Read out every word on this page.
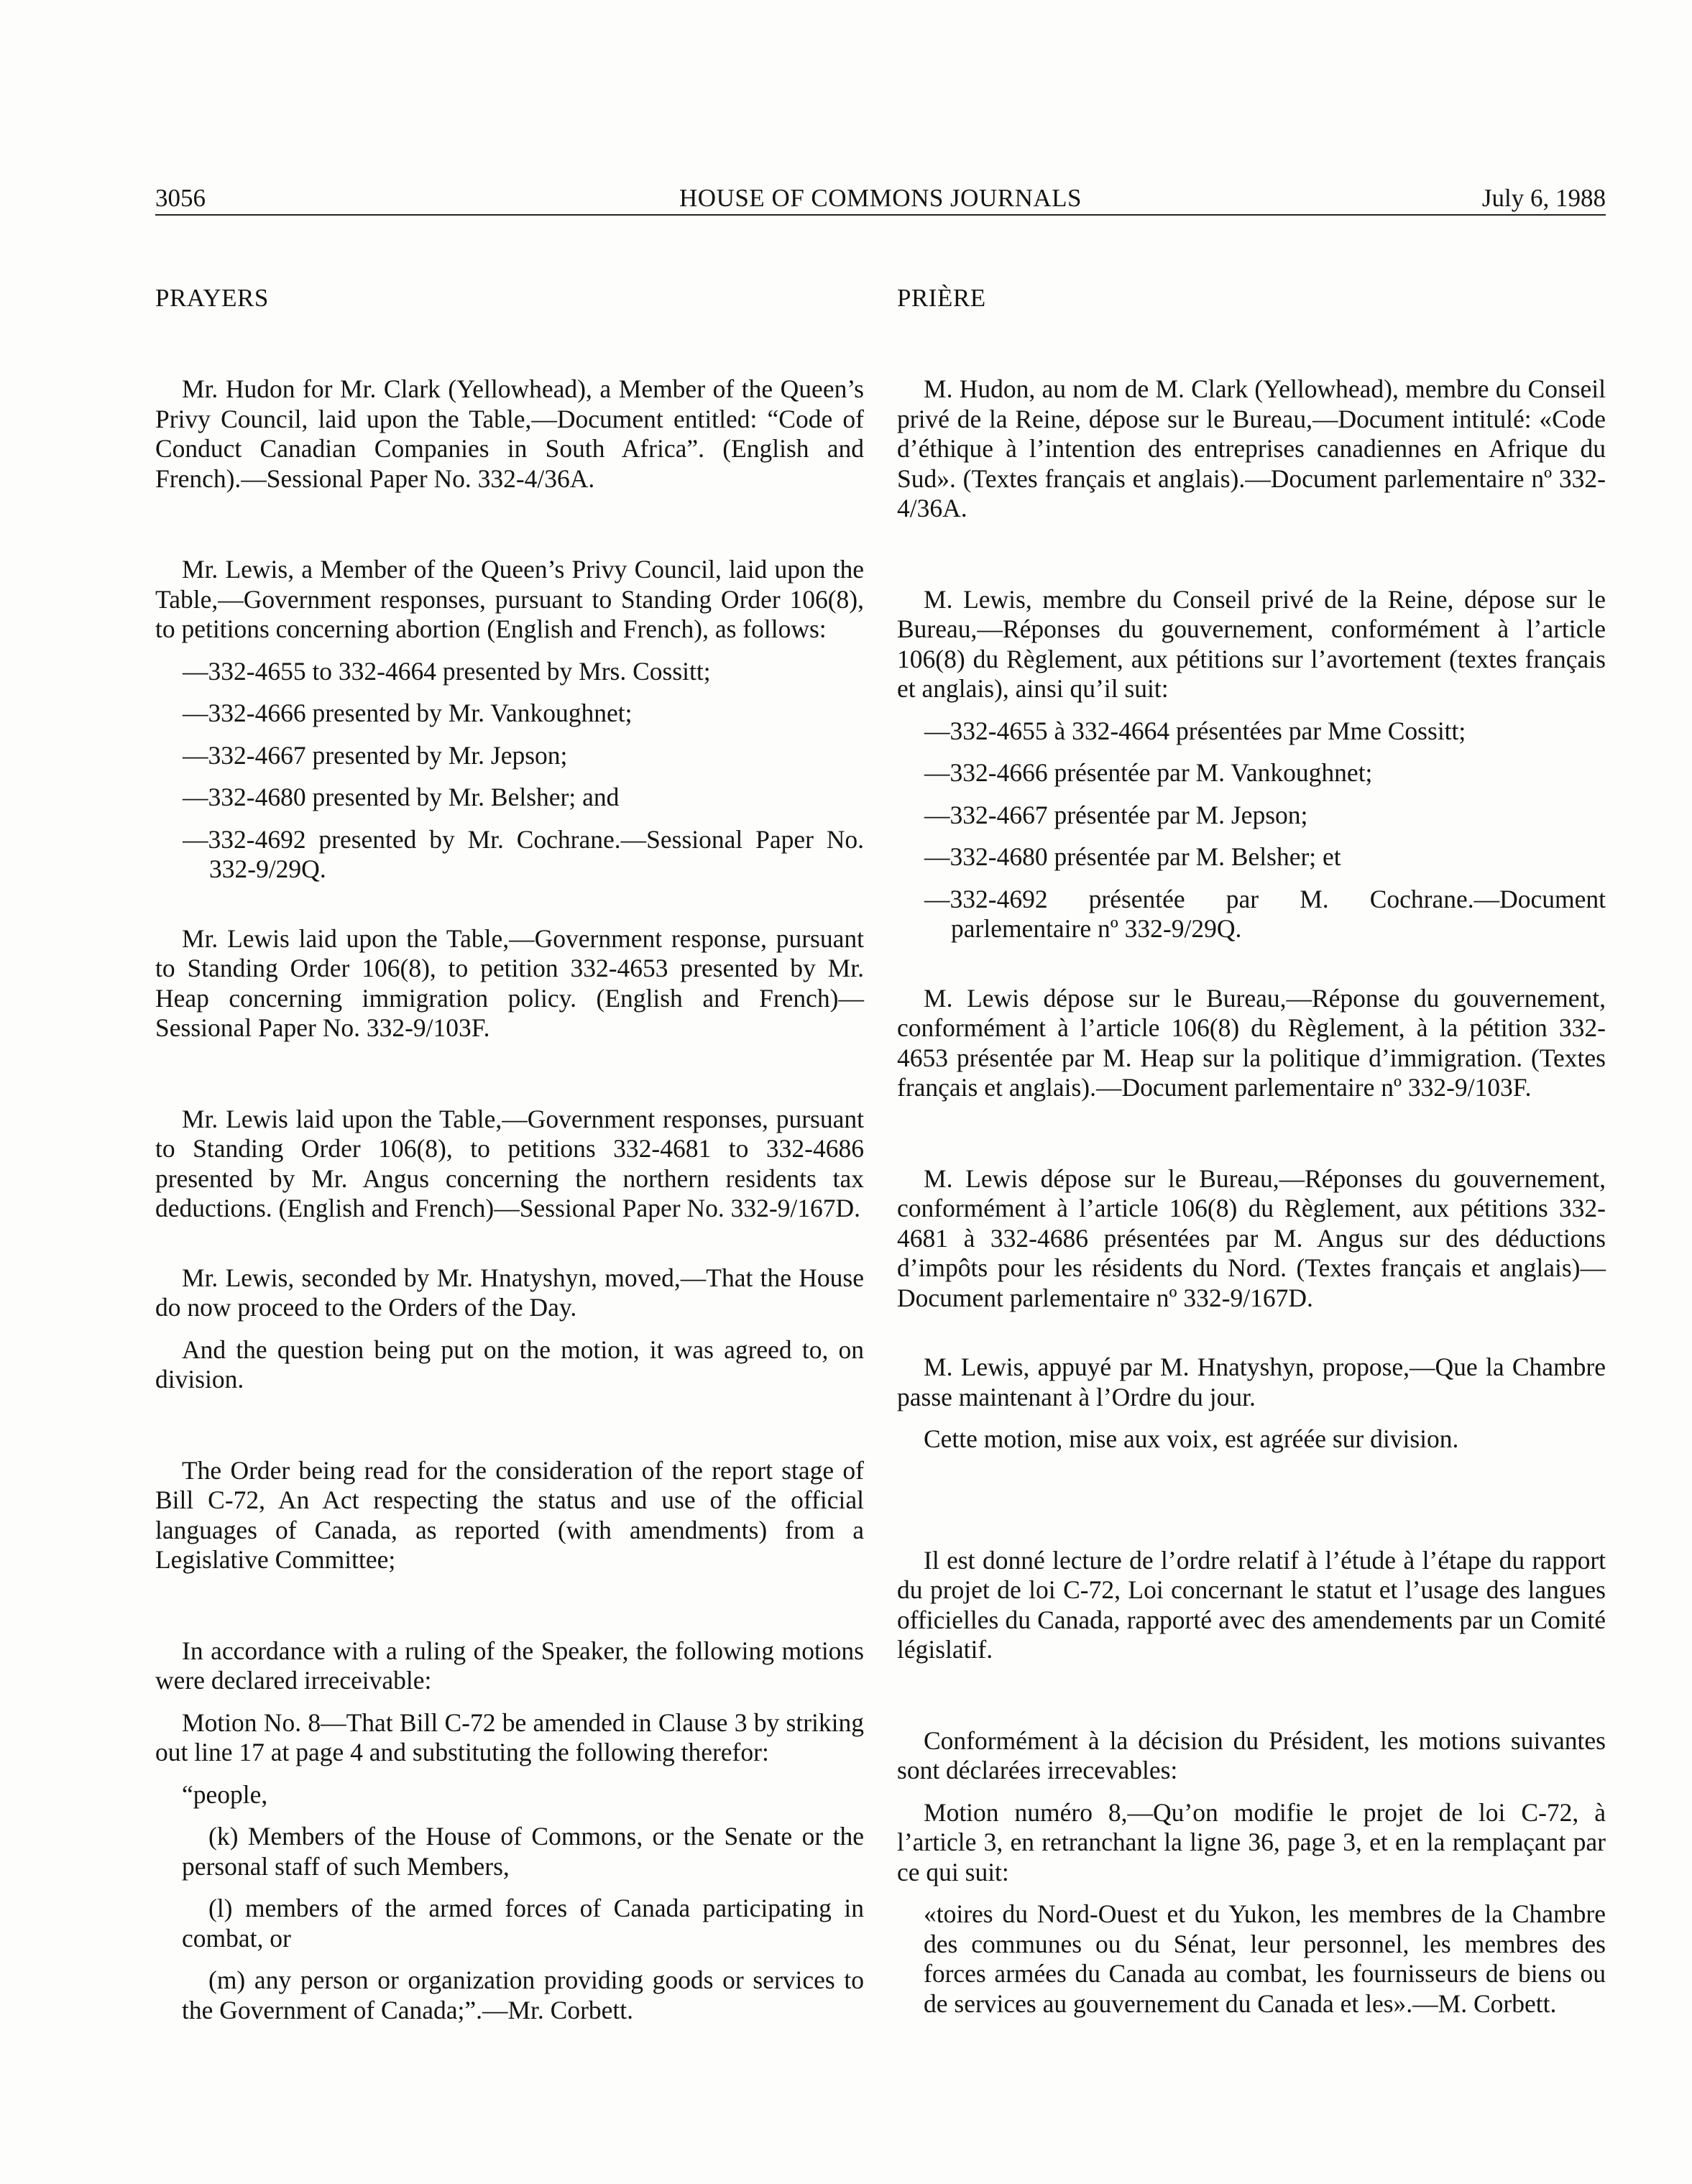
3056	HOUSE OF COMMONS JOURNALS	July 6, 1988
PRAYERS

Mr. Hudon for Mr. Clark (Yellowhead), a Member of the Queen’s Privy Council, laid upon the Table,—Document entitled: “Code of Conduct Canadian Companies in South Africa”. (English and French).—Sessional Paper No. 332-4/36A.

Mr. Lewis, a Member of the Queen’s Privy Council, laid upon the Table,—Government responses, pursuant to Standing Order 106(8), to petitions concerning abortion (English and French), as follows:

—332-4655 to 332-4664 presented by Mrs. Cossitt;
—332-4666 presented by Mr. Vankoughnet;
—332-4667 presented by Mr. Jepson;
—332-4680 presented by Mr. Belsher; and
—332-4692 presented by Mr. Cochrane.—Sessional Paper No. 332-9/29Q.

Mr. Lewis laid upon the Table,—Government response, pursuant to Standing Order 106(8), to petition 332-4653 presented by Mr. Heap concerning immigration policy. (English and French)—Sessional Paper No. 332-9/103F.

Mr. Lewis laid upon the Table,—Government responses, pursuant to Standing Order 106(8), to petitions 332-4681 to 332-4686 presented by Mr. Angus concerning the northern residents tax deductions. (English and French)—Sessional Paper No. 332-9/167D.

Mr. Lewis, seconded by Mr. Hnatyshyn, moved,—That the House do now proceed to the Orders of the Day.

And the question being put on the motion, it was agreed to, on division.

The Order being read for the consideration of the report stage of Bill C-72, An Act respecting the status and use of the official languages of Canada, as reported (with amendments) from a Legislative Committee;

In accordance with a ruling of the Speaker, the following motions were declared irreceivable:

Motion No. 8—That Bill C-72 be amended in Clause 3 by striking out line 17 at page 4 and substituting the following therefor:

“people,
(k) Members of the House of Commons, or the Senate or the personal staff of such Members,
(l) members of the armed forces of Canada participating in combat, or
(m) any person or organization providing goods or services to the Government of Canada;”.—Mr. Corbett.
PRIÈRE

M. Hudon, au nom de M. Clark (Yellowhead), membre du Conseil privé de la Reine, dépose sur le Bureau,—Document intitulé: «Code d’éthique à l’intention des entreprises canadiennes en Afrique du Sud». (Textes français et anglais).—Document parlementaire nº 332-4/36A.

M. Lewis, membre du Conseil privé de la Reine, dépose sur le Bureau,—Réponses du gouvernement, conformément à l’article 106(8) du Règlement, aux pétitions sur l’avortement (textes français et anglais), ainsi qu’il suit:

—332-4655 à 332-4664 présentées par Mme Cossitt;
—332-4666 présentée par M. Vankoughnet;
—332-4667 présentée par M. Jepson;
—332-4680 présentée par M. Belsher; et
—332-4692 présentée par M. Cochrane.—Document parlementaire nº 332-9/29Q.

M. Lewis dépose sur le Bureau,—Réponse du gouvernement, conformément à l’article 106(8) du Règlement, à la pétition 332-4653 présentée par M. Heap sur la politique d’immigration. (Textes français et anglais).—Document parlementaire nº 332-9/103F.

M. Lewis dépose sur le Bureau,—Réponses du gouvernement, conformément à l’article 106(8) du Règlement, aux pétitions 332-4681 à 332-4686 présentées par M. Angus sur des déductions d’impôts pour les résidents du Nord. (Textes français et anglais)—Document parlementaire nº 332-9/167D.

M. Lewis, appuyé par M. Hnatyshyn, propose,—Que la Chambre passe maintenant à l’Ordre du jour.

Cette motion, mise aux voix, est agréée sur division.

Il est donné lecture de l’ordre relatif à l’étude à l’étape du rapport du projet de loi C-72, Loi concernant le statut et l’usage des langues officielles du Canada, rapporté avec des amendements par un Comité législatif.

Conformément à la décision du Président, les motions suivantes sont déclarées irrecevables:

Motion numéro 8,—Qu’on modifie le projet de loi C-72, à l’article 3, en retranchant la ligne 36, page 3, et en la remplaçant par ce qui suit:

«toires du Nord-Ouest et du Yukon, les membres de la Chambre des communes ou du Sénat, leur personnel, les membres des forces armées du Canada au combat, les fournisseurs de biens ou de services au gouvernement du Canada et les».—M. Corbett.
